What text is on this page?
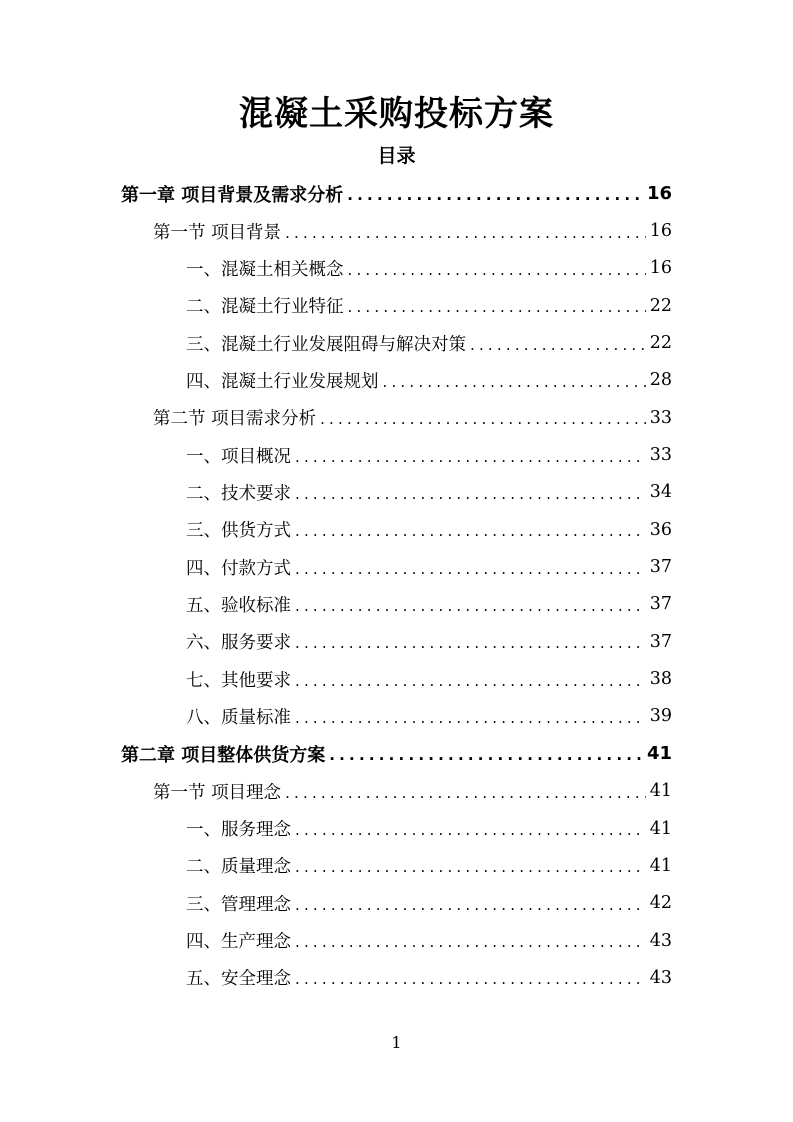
混凝土采购投标方案
目录
第一章 项目背景及需求分析 .....	16
第一节 项目背景 .....	16
一、混凝土相关概念 .....	16
二、混凝土行业特征 .....	22
三、混凝土行业发展阻碍与解决对策 .....	22
四、混凝土行业发展规划 .....	28
第二节 项目需求分析 .....	33
一、项目概况 .....	33
二、技术要求 .....	34
三、供货方式 .....	36
四、付款方式 .....	37
五、验收标准 .....	37
六、服务要求 .....	37
七、其他要求 .....	38
八、质量标准 .....	39
第二章 项目整体供货方案 .....	41
第一节 项目理念 .....	41
一、服务理念 .....	41
二、质量理念 .....	41
三、管理理念 .....	42
四、生产理念 .....	43
五、安全理念 .....	43
1
